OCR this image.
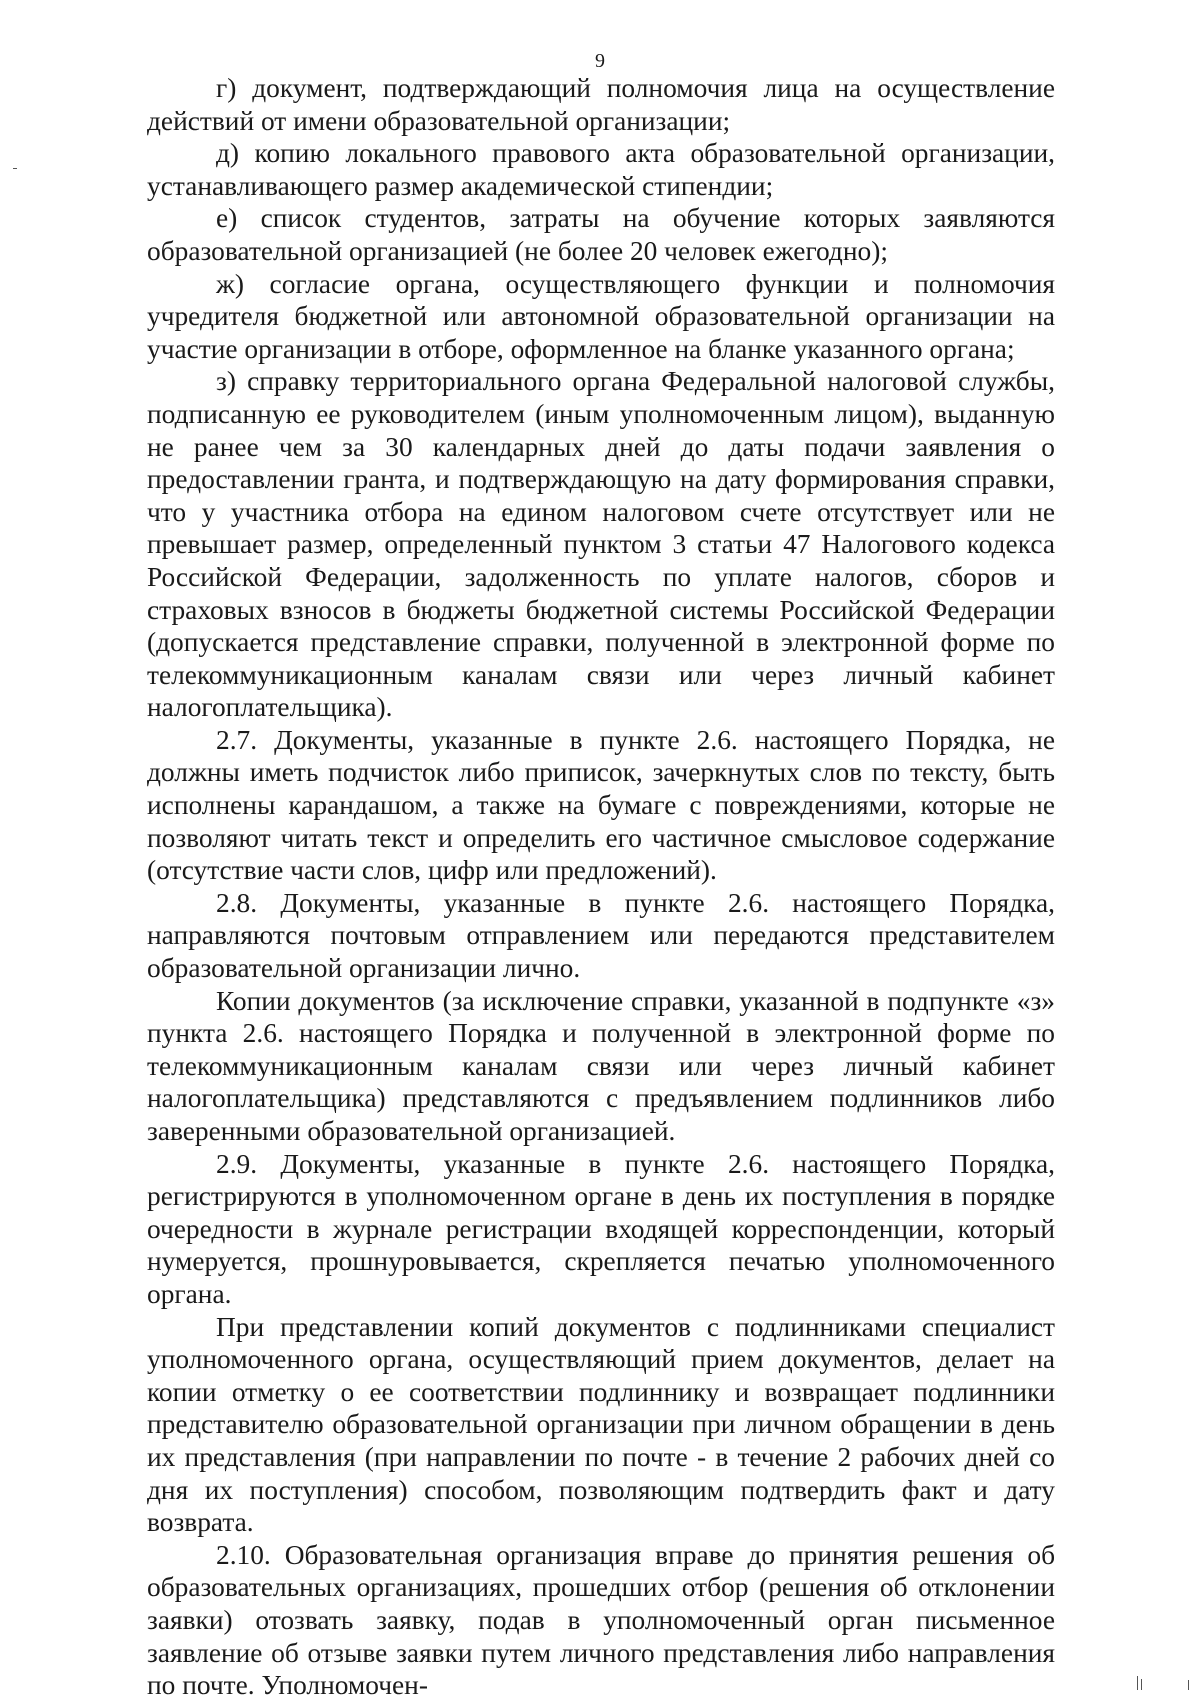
9

г) документ, подтверждающий полномочия лица на осуществление действий от имени образовательной организации;

д) копию локального правового акта образовательной организации, устанавливающего размер академической стипендии;

е) список студентов, затраты на обучение которых заявляются образовательной организацией (не более 20 человек ежегодно);

ж) согласие органа, осуществляющего функции и полномочия учредителя бюджетной или автономной образовательной организации на участие организации в отборе, оформленное на бланке указанного органа;

з) справку территориального органа Федеральной налоговой службы, подписанную ее руководителем (иным уполномоченным лицом), выданную не ранее чем за 30 календарных дней до даты подачи заявления о предоставлении гранта, и подтверждающую на дату формирования справки, что у участника отбора на едином налоговом счете отсутствует или не превышает размер, определенный пунктом 3 статьи 47 Налогового кодекса Российской Федерации, задолженность по уплате налогов, сборов и страховых взносов в бюджеты бюджетной системы Российской Федерации (допускается представление справки, полученной в электронной форме по телекоммуникационным каналам связи или через личный кабинет налогоплательщика).

2.7. Документы, указанные в пункте 2.6. настоящего Порядка, не должны иметь подчисток либо приписок, зачеркнутых слов по тексту, быть исполнены карандашом, а также на бумаге с повреждениями, которые не позволяют читать текст и определить его частичное смысловое содержание (отсутствие части слов, цифр или предложений).

2.8. Документы, указанные в пункте 2.6. настоящего Порядка, направляются почтовым отправлением или передаются представителем образовательной организации лично.

Копии документов (за исключение справки, указанной в подпункте «з» пункта 2.6. настоящего Порядка и полученной в электронной форме по телекоммуникационным каналам связи или через личный кабинет налогоплательщика) представляются с предъявлением подлинников либо заверенными образовательной организацией.

2.9. Документы, указанные в пункте 2.6. настоящего Порядка, регистрируются в уполномоченном органе в день их поступления в порядке очередности в журнале регистрации входящей корреспонденции, который нумеруется, прошнуровывается, скрепляется печатью уполномоченного органа.

При представлении копий документов с подлинниками специалист уполномоченного органа, осуществляющий прием документов, делает на копии отметку о ее соответствии подлиннику и возвращает подлинники представителю образовательной организации при личном обращении в день их представления (при направлении по почте - в течение 2 рабочих дней со дня их поступления) способом, позволяющим подтвердить факт и дату возврата.

2.10. Образовательная организация вправе до принятия решения об образовательных организациях, прошедших отбор (решения об отклонении заявки) отозвать заявку, подав в уполномоченный орган письменное заявление об отзыве заявки путем личного представления либо направления по почте. Уполномочен-
